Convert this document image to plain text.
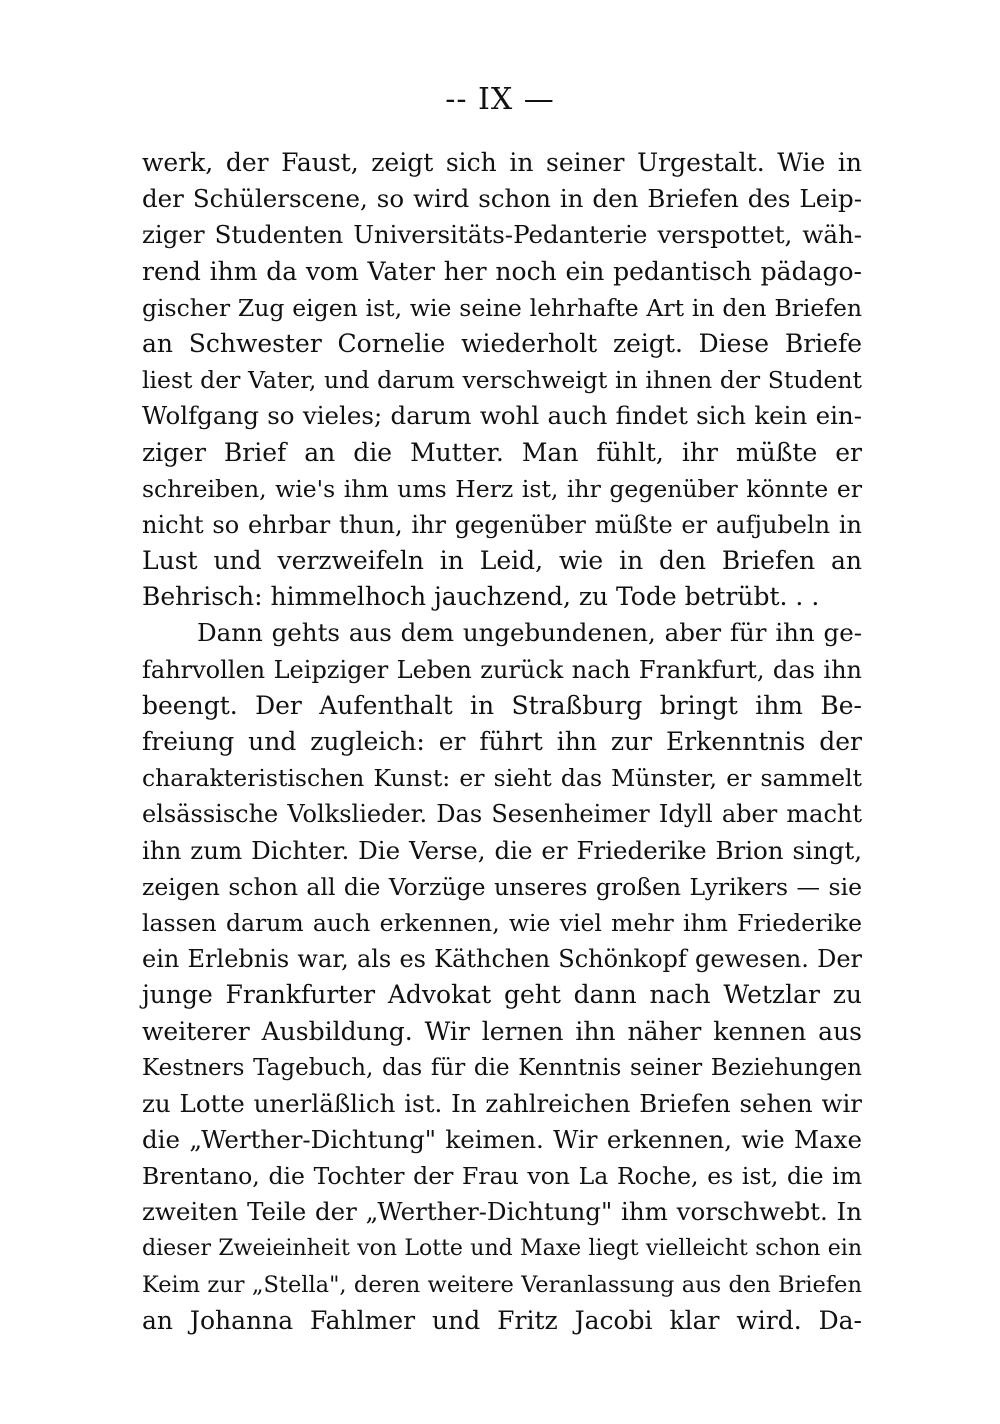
-- IX —
werk, der Faust, zeigt sich in seiner Urgestalt. Wie in
der Schülerscene, so wird schon in den Briefen des Leip-
ziger Studenten Universitäts-Pedanterie verspottet, wäh-
rend ihm da vom Vater her noch ein pedantisch pädago-
gischer Zug eigen ist, wie seine lehrhafte Art in den Briefen
an Schwester Cornelie wiederholt zeigt. Diese Briefe
liest der Vater, und darum verschweigt in ihnen der Student
Wolfgang so vieles; darum wohl auch findet sich kein ein-
ziger Brief an die Mutter. Man fühlt, ihr müßte er
schreiben, wie's ihm ums Herz ist, ihr gegenüber könnte er
nicht so ehrbar thun, ihr gegenüber müßte er aufjubeln in
Lust und verzweifeln in Leid, wie in den Briefen an
Behrisch: himmelhoch jauchzend, zu Tode betrübt. . .
Dann gehts aus dem ungebundenen, aber für ihn ge-
fahrvollen Leipziger Leben zurück nach Frankfurt, das ihn
beengt. Der Aufenthalt in Straßburg bringt ihm Be-
freiung und zugleich: er führt ihn zur Erkenntnis der
charakteristischen Kunst: er sieht das Münster, er sammelt
elsässische Volkslieder. Das Sesenheimer Idyll aber macht
ihn zum Dichter. Die Verse, die er Friederike Brion singt,
zeigen schon all die Vorzüge unseres großen Lyrikers — sie
lassen darum auch erkennen, wie viel mehr ihm Friederike
ein Erlebnis war, als es Käthchen Schönkopf gewesen. Der
junge Frankfurter Advokat geht dann nach Wetzlar zu
weiterer Ausbildung. Wir lernen ihn näher kennen aus
Kestners Tagebuch, das für die Kenntnis seiner Beziehungen
zu Lotte unerläßlich ist. In zahlreichen Briefen sehen wir
die „Werther-Dichtung" keimen. Wir erkennen, wie Maxe
Brentano, die Tochter der Frau von La Roche, es ist, die im
zweiten Teile der „Werther-Dichtung" ihm vorschwebt. In
dieser Zweieinheit von Lotte und Maxe liegt vielleicht schon ein
Keim zur „Stella", deren weitere Veranlassung aus den Briefen
an Johanna Fahlmer und Fritz Jacobi klar wird. Da-
